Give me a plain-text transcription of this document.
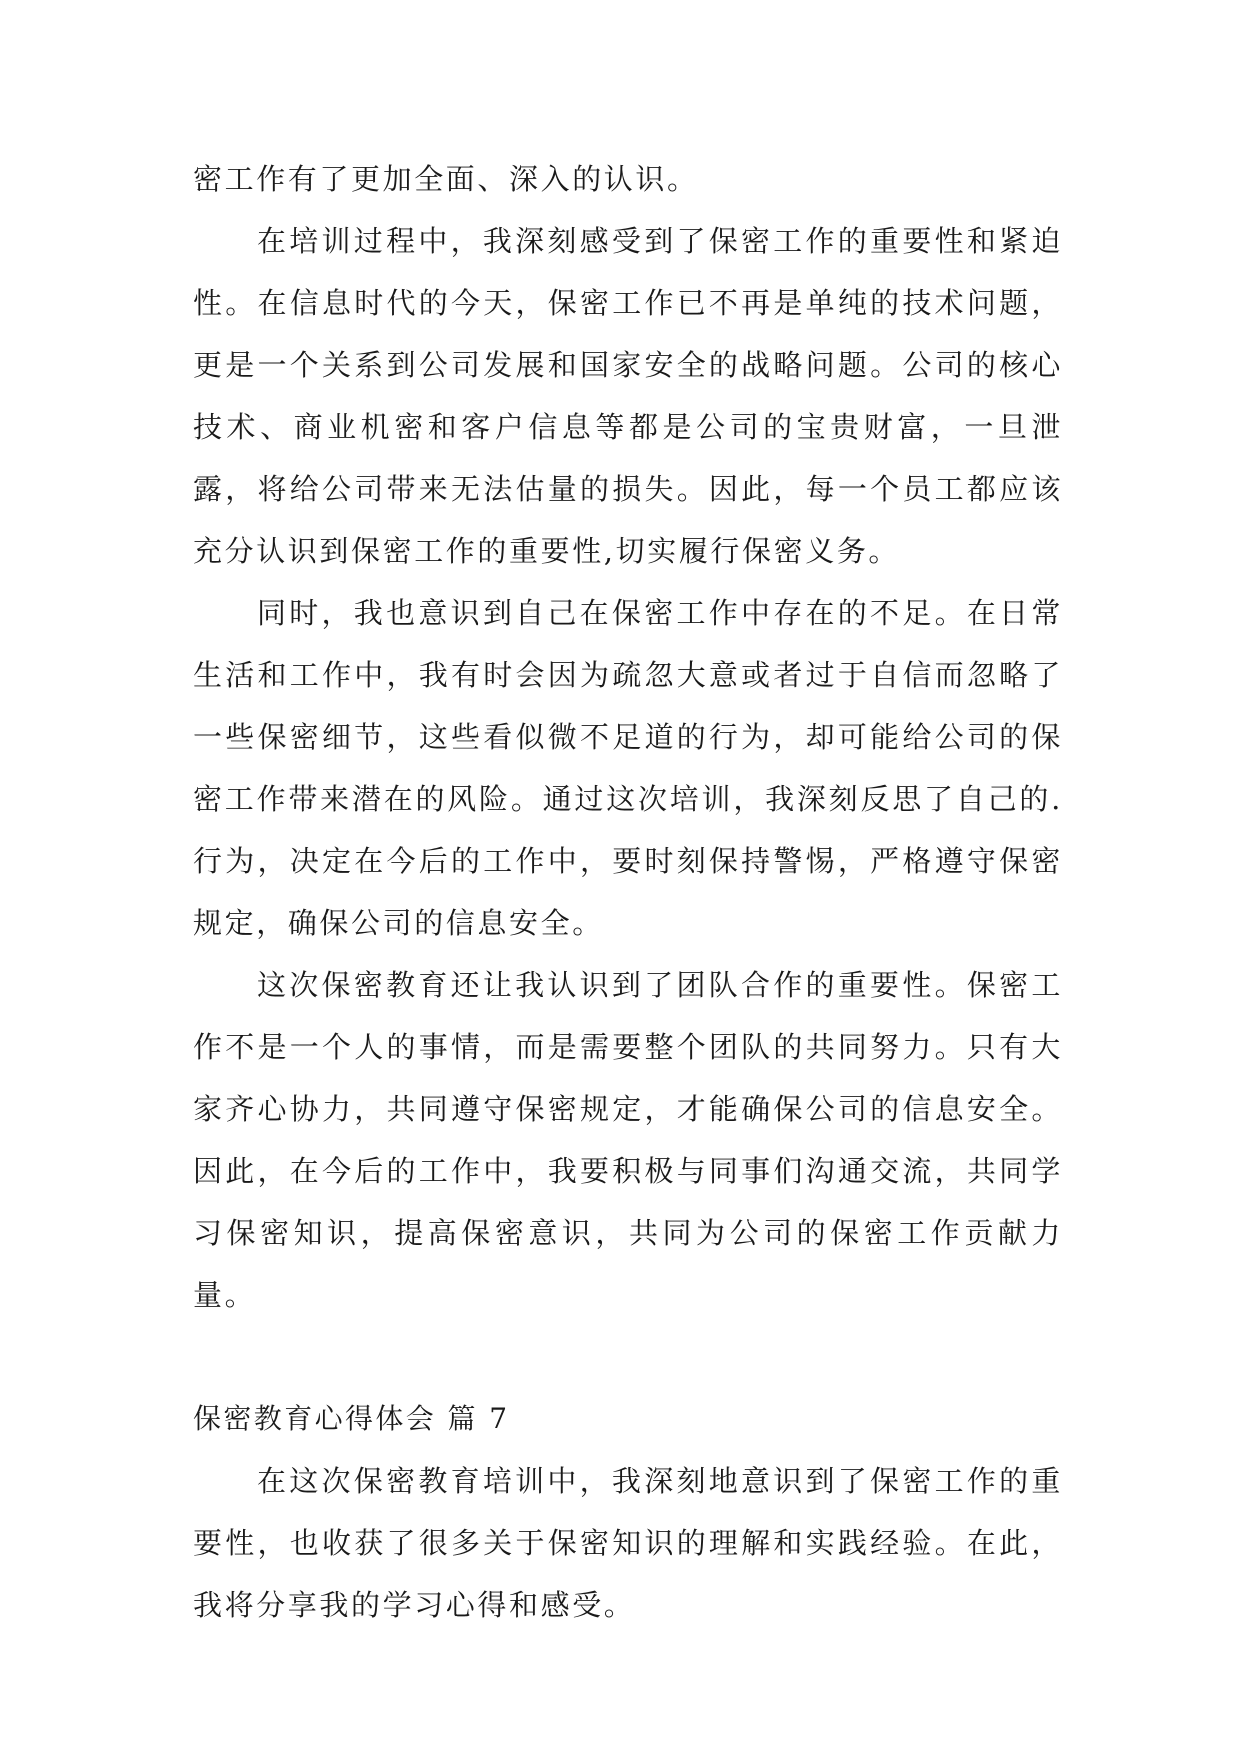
密工作有了更加全面、深入的认识。

在培训过程中，我深刻感受到了保密工作的重要性和紧迫性。在信息时代的今天，保密工作已不再是单纯的技术问题，更是一个关系到公司发展和国家安全的战略问题。公司的核心技术、商业机密和客户信息等都是公司的宝贵财富，一旦泄露，将给公司带来无法估量的损失。因此，每一个员工都应该充分认识到保密工作的重要性,切实履行保密义务。

同时，我也意识到自己在保密工作中存在的不足。在日常生活和工作中，我有时会因为疏忽大意或者过于自信而忽略了一些保密细节，这些看似微不足道的行为，却可能给公司的保密工作带来潜在的风险。通过这次培训，我深刻反思了自己的.行为，决定在今后的工作中，要时刻保持警惕，严格遵守保密规定，确保公司的信息安全。

这次保密教育还让我认识到了团队合作的重要性。保密工作不是一个人的事情，而是需要整个团队的共同努力。只有大家齐心协力，共同遵守保密规定，才能确保公司的信息安全。因此，在今后的工作中，我要积极与同事们沟通交流，共同学习保密知识，提高保密意识，共同为公司的保密工作贡献力量。

保密教育心得体会 篇 7

在这次保密教育培训中，我深刻地意识到了保密工作的重要性，也收获了很多关于保密知识的理解和实践经验。在此，我将分享我的学习心得和感受。
